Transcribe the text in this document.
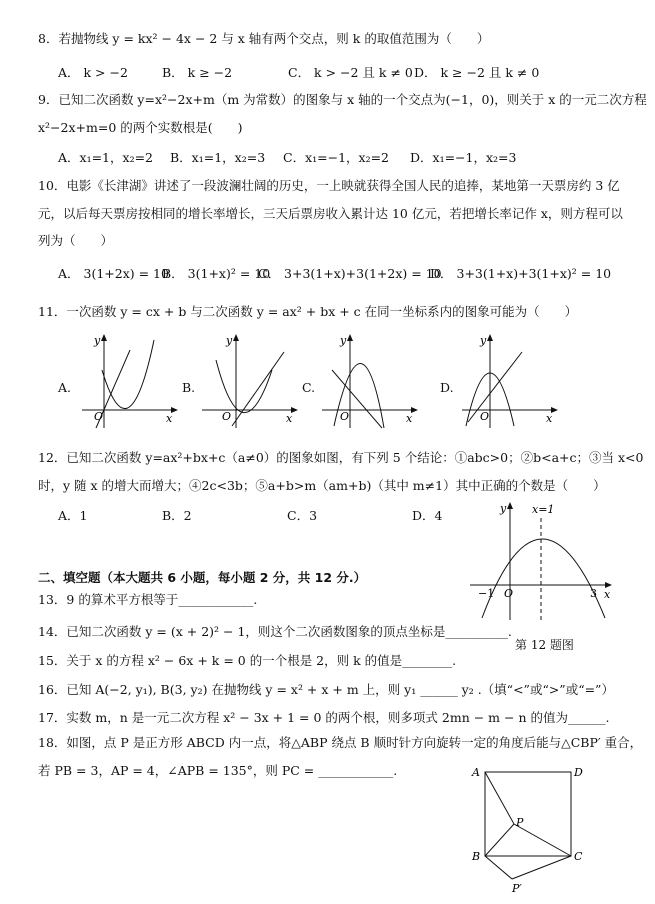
8．若抛物线 y = kx² − 4x − 2 与 x 轴有两个交点，则 k 的取值范围为（　　）
A． k > −2	B． k ≥ −2	C． k > −2 且 k ≠ 0 D． k ≥ −2 且 k ≠ 0
9．已知二次函数 y=x²−2x+m（m 为常数）的图象与 x 轴的一个交点为(−1，0)，则关于 x 的一元二次方程
x²−2x+m=0 的两个实数根是(　　)
A．x₁=1，x₂=2 B．x₁=1，x₂=3 C．x₁=−1，x₂=2 D．x₁=−1，x₂=3
10．电影《长津湖》讲述了一段波澜壮阔的历史，一上映就获得全国人民的追捧，某地第一天票房约 3 亿
元，以后每天票房按相同的增长率增长，三天后票房收入累计达 10 亿元，若把增长率记作 x，则方程可以
列为（　　）
A． 3(1+2x) = 10
B． 3(1+x)² = 10
C． 3+3(1+x)+3(1+2x) = 10
D． 3+3(1+x)+3(1+x)² = 10
11．一次函数 y = cx + b 与二次函数 y = ax² + bx + c 在同一坐标系内的图象可能为（　　）
A.
y
x
O
B.
y
x
O
C.
y
x
O
D.
y
x
O
12．已知二次函数 y=ax²+bx+c（a≠0）的图象如图，有下列 5 个结论：①abc>0；②b<a+c；③当 x<0
时，y 随 x 的增大而增大；④2c<3b；⑤a+b>m（am+b)（其中 m≠1）其中正确的个数是（　　）
A．1	B．2	C．3	D．4	y
x
O
−1	3
x=1
第 12 题图
二、填空题（本大题共 6 小题，每小题 2 分，共 12 分.）
13．9 的算术平方根等于____________.
14．已知二次函数 y = (x + 2)² − 1，则这个二次函数图象的顶点坐标是__________.
15．关于 x 的方程 x² − 6x + k = 0 的一个根是 2，则 k 的值是________.
16．已知 A(−2, y₁), B(3, y₂) 在抛物线 y = x² + x + m 上，则 y₁ ______ y₂ .（填“<”或“>”或“=”）
17．实数 m，n 是一元二次方程 x² − 3x + 1 = 0 的两个根，则多项式 2mn − m − n 的值为______.
18．如图，点 P 是正方形 ABCD 内一点，将△ABP 绕点 B 顺时针方向旋转一定的角度后能与△CBP′ 重合，
若 PB = 3，AP = 4，∠APB = 135°，则 PC = ____________.	A	D
B	C
P
P′
